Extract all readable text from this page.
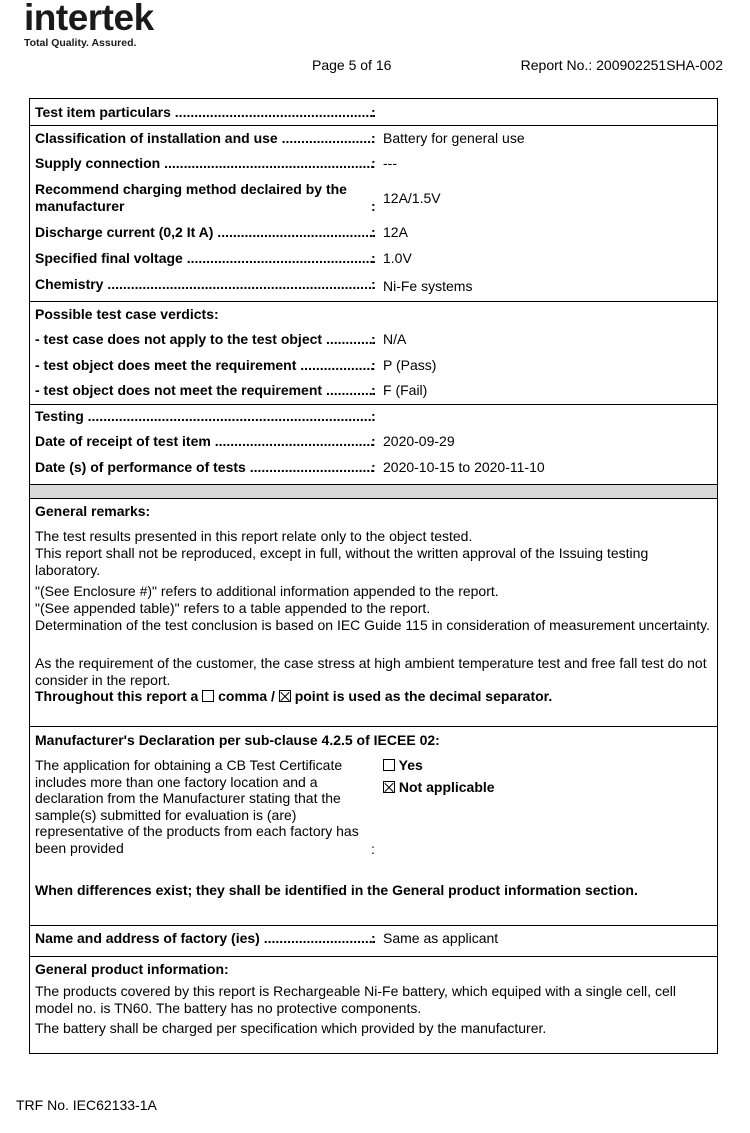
intertek
Total Quality. Assured.
Page 5 of 16	Report No.: 200902251SHA-002
Test item particulars .....	:
Classification of installation and use .....	: Battery for general use
Supply connection .....	: ---
Recommend charging method declaired by the manufacturer	: 12A/1.5V
Discharge current (0,2 It A) .....	: 12A
Specified final voltage .....	: 1.0V
Chemistry .....	: Ni-Fe systems
Possible test case verdicts:
- test case does not apply to the test object .....	: N/A
- test object does meet the requirement .....	: P (Pass)
- test object does not meet the requirement .....	: F (Fail)
Testing .....	:
Date of receipt of test item .....	: 2020-09-29
Date (s) of performance of tests .....	: 2020-10-15 to 2020-11-10
General remarks:
The test results presented in this report relate only to the object tested.
This report shall not be reproduced, except in full, without the written approval of the Issuing testing laboratory.
"(See Enclosure #)" refers to additional information appended to the report.
"(See appended table)" refers to a table appended to the report.
Determination of the test conclusion is based on IEC Guide 115 in consideration of measurement uncertainty.
As the requirement of the customer, the case stress at high ambient temperature test and free fall test do not consider in the report.
Throughout this report a comma / point is used as the decimal separator.
Manufacturer's Declaration per sub-clause 4.2.5 of IECEE 02:
The application for obtaining a CB Test Certificate includes more than one factory location and a declaration from the Manufacturer stating that the sample(s) submitted for evaluation is (are) representative of the products from each factory has been provided	:
Yes
Not applicable
When differences exist; they shall be identified in the General product information section.
Name and address of factory (ies) .....	: Same as applicant
General product information:
The products covered by this report is Rechargeable Ni-Fe battery, which equiped with a single cell, cell model no. is TN60. The battery has no protective components.
The battery shall be charged per specification which provided by the manufacturer.
TRF No. IEC62133-1A
